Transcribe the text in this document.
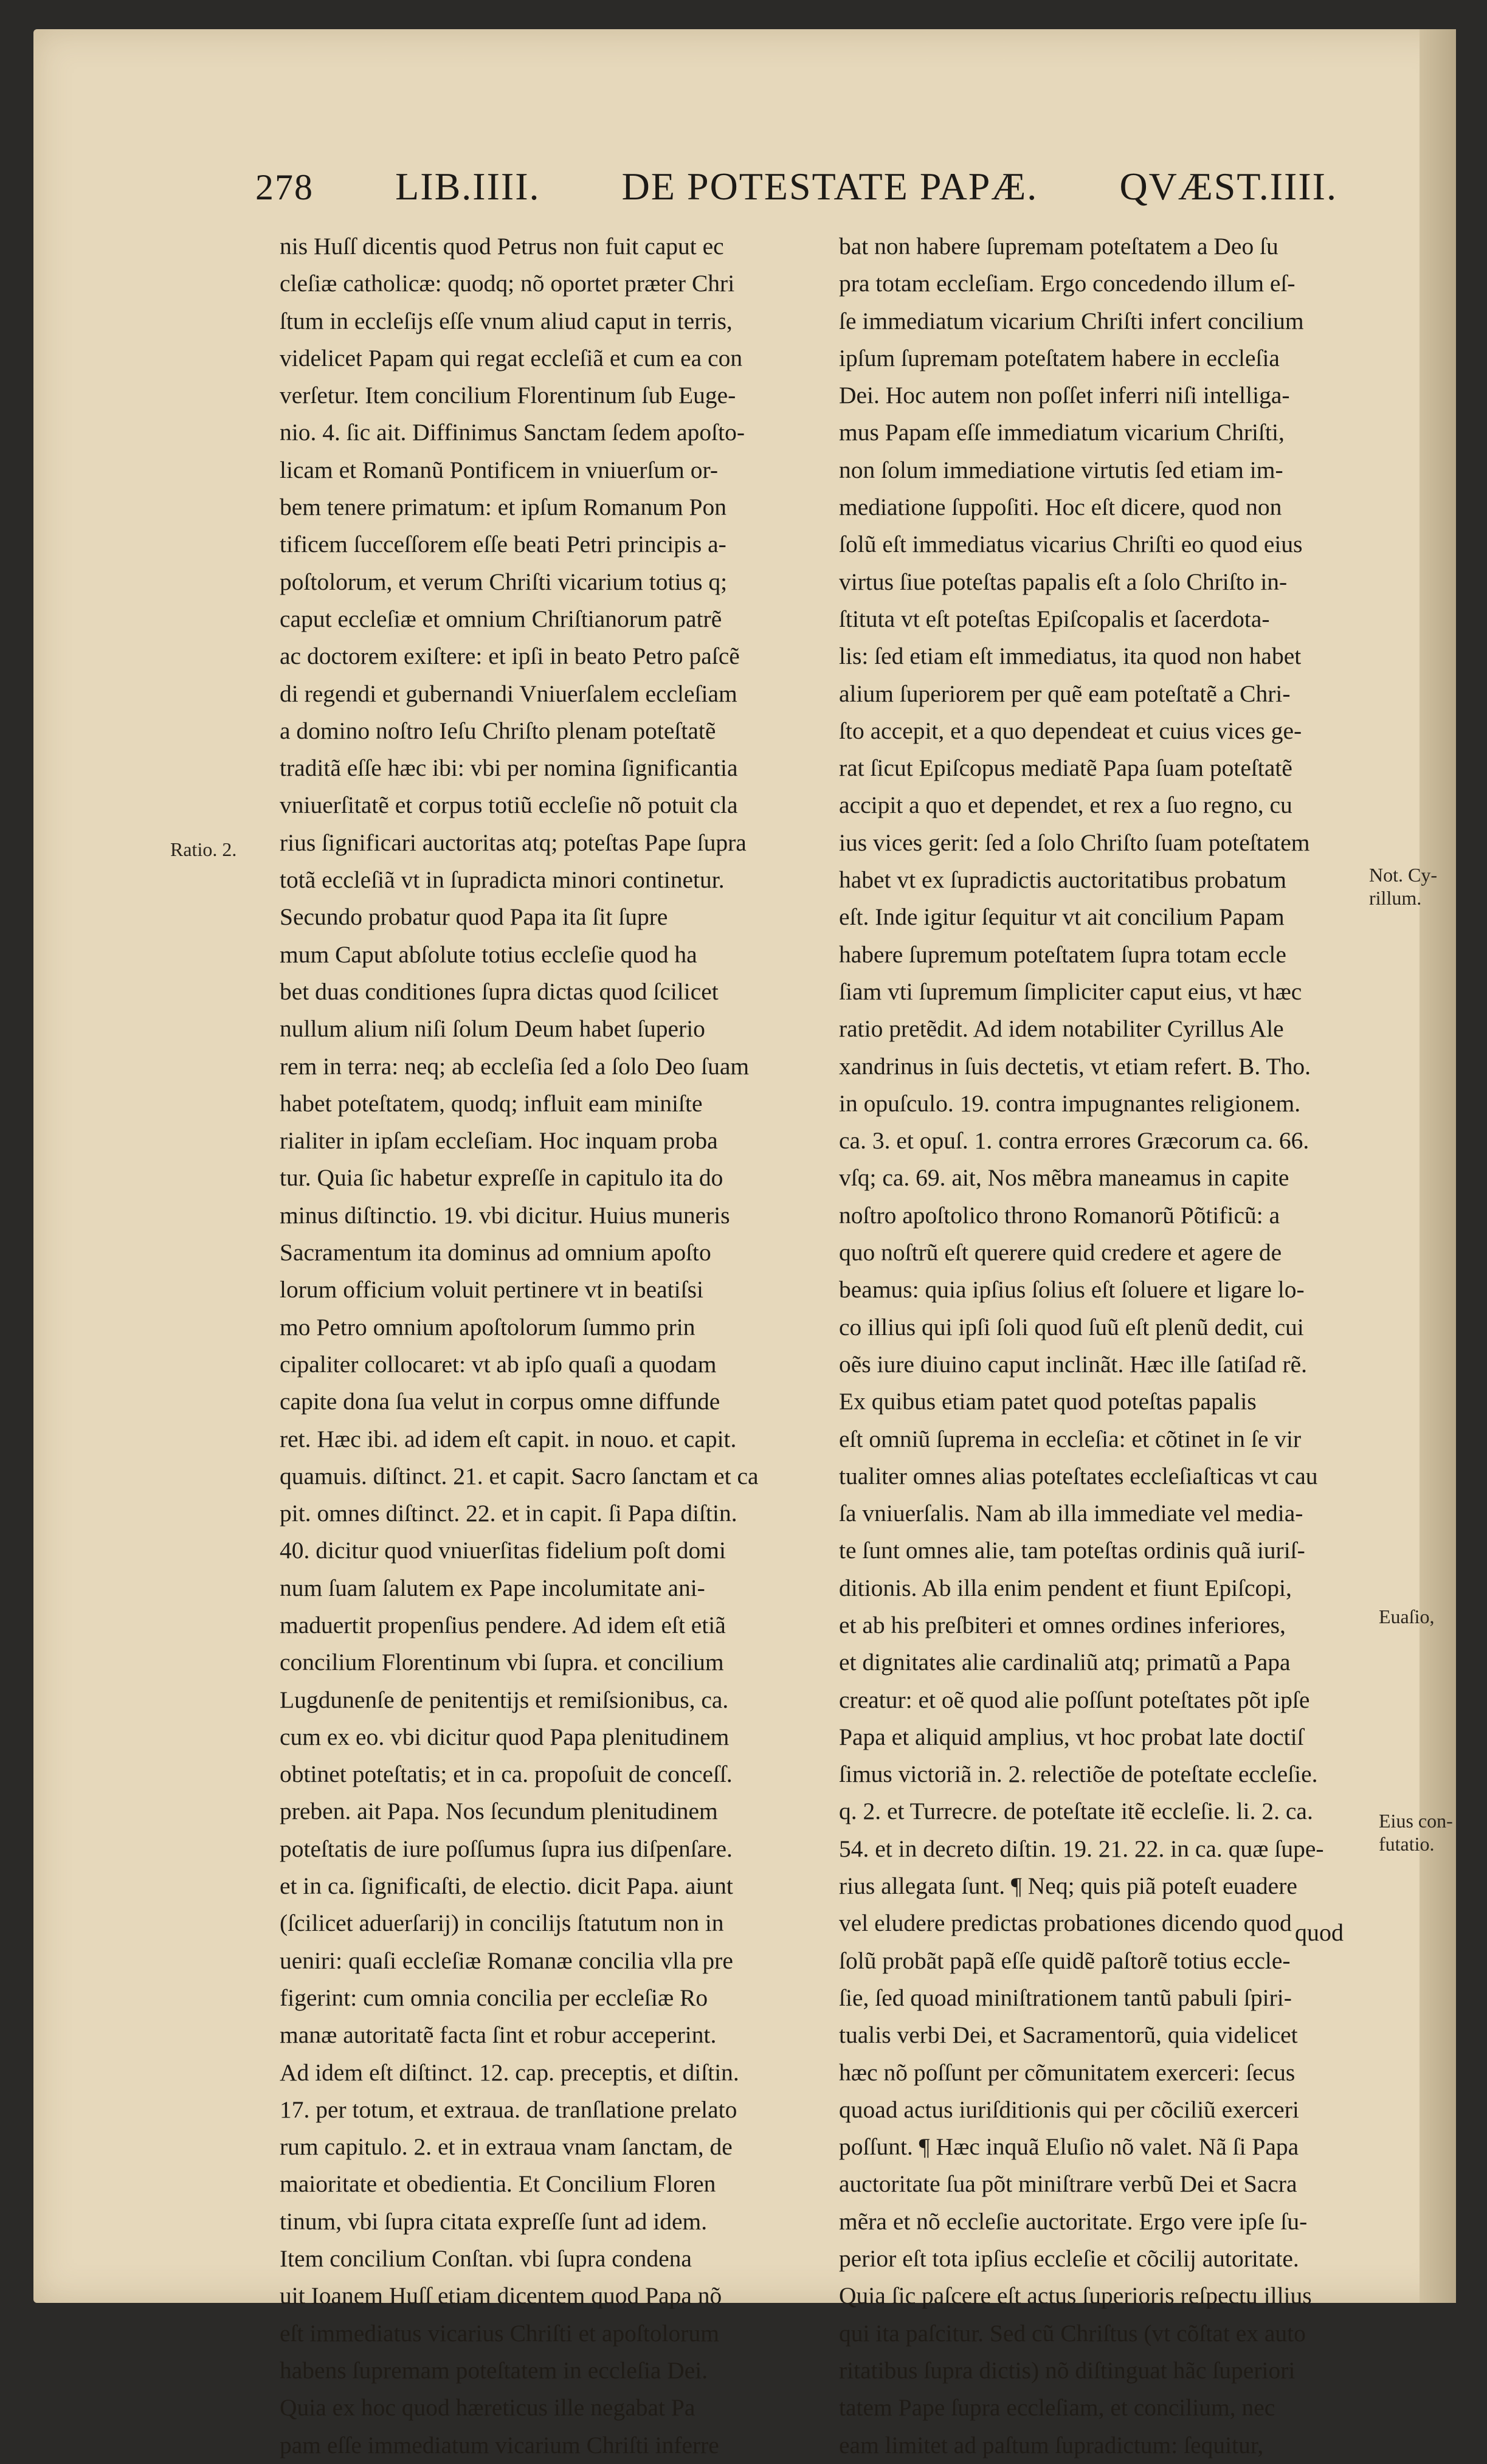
278 LIB.IIII. DE POTESTATE PAPÆ. QVÆST.IIII.
nis Huſſ dicentis quod Petrus non fuit caput ec
cleſiæ catholicæ: quodq; nõ oportet præter Chri
ſtum in eccleſijs eſſe vnum aliud caput in terris,
videlicet Papam qui regat eccleſiã et cum ea con
verſetur. Item concilium Florentinum ſub Euge-
nio. 4. ſic ait. Diffinimus Sanctam ſedem apoſto-
licam et Romanũ Pontificem in vniuerſum or-
bem tenere primatum: et ipſum Romanum Pon
tificem ſucceſſorem eſſe beati Petri principis a-
poſtolorum, et verum Chriſti vicarium totius q;
caput eccleſiæ et omnium Chriſtianorum patrẽ
ac doctorem exiſtere: et ipſi in beato Petro paſcẽ
di regendi et gubernandi Vniuerſalem eccleſiam
a domino noſtro Ieſu Chriſto plenam poteſtatẽ
traditã eſſe hæc ibi: vbi per nomina ſignificantia
vniuerſitatẽ et corpus totiũ eccleſie nõ potuit cla
rius ſignificari auctoritas atq; poteſtas Pape ſupra
totã eccleſiã vt in ſupradicta minori continetur.
Secundo probatur quod Papa ita ſit ſupre
mum Caput abſolute totius eccleſie quod ha
bet duas conditiones ſupra dictas quod ſcilicet
nullum alium niſi ſolum Deum habet ſuperio
rem in terra: neq; ab eccleſia ſed a ſolo Deo ſuam
habet poteſtatem, quodq; influit eam miniſte
rialiter in ipſam eccleſiam. Hoc inquam proba
tur. Quia ſic habetur expreſſe in capitulo ita do
minus diſtinctio. 19. vbi dicitur. Huius muneris
Sacramentum ita dominus ad omnium apoſto
lorum officium voluit pertinere vt in beatiſsi
mo Petro omnium apoſtolorum ſummo prin
cipaliter collocaret: vt ab ipſo quaſi a quodam
capite dona ſua velut in corpus omne diffunde
ret. Hæc ibi. ad idem eſt capit. in nouo. et capit.
quamuis. diſtinct. 21. et capit. Sacro ſanctam et ca
pit. omnes diſtinct. 22. et in capit. ſi Papa diſtin.
40. dicitur quod vniuerſitas fidelium poſt domi
num ſuam ſalutem ex Pape incolumitate ani-
maduertit propenſius pendere. Ad idem eſt etiã
concilium Florentinum vbi ſupra. et concilium
Lugdunenſe de penitentijs et remiſsionibus, ca.
cum ex eo. vbi dicitur quod Papa plenitudinem
obtinet poteſtatis; et in ca. propoſuit de conceſſ.
preben. ait Papa. Nos ſecundum plenitudinem
poteſtatis de iure poſſumus ſupra ius diſpenſare.
et in ca. ſignificaſti, de electio. dicit Papa. aiunt
(ſcilicet aduerſarij) in concilijs ſtatutum non in
ueniri: quaſi eccleſiæ Romanæ concilia vlla pre
figerint: cum omnia concilia per eccleſiæ Ro
manæ autoritatẽ facta ſint et robur acceperint.
Ad idem eſt diſtinct. 12. cap. preceptis, et diſtin.
17. per totum, et extraua. de tranſlatione prelato
rum capitulo. 2. et in extraua vnam ſanctam, de
maioritate et obedientia. Et Concilium Floren
tinum, vbi ſupra citata expreſſe ſunt ad idem.
Item concilium Conſtan. vbi ſupra condena
uit Ioanem Huſſ etiam dicentem quod Papa nõ
eſt immediatus vicarius Chriſti et apoſtolorum
habens ſupremam poteſtatem in eccleſia Dei.
Quia ex hoc quod hæreticus ille negabat Pa
pam eſſe immediatum vicarium Chriſti inferre
bat non habere ſupremam poteſtatem a Deo ſu
pra totam eccleſiam. Ergo concedendo illum eſ-
ſe immediatum vicarium Chriſti infert concilium
ipſum ſupremam poteſtatem habere in eccleſia
Dei. Hoc autem non poſſet inferri niſi intelliga-
mus Papam eſſe immediatum vicarium Chriſti,
non ſolum immediatione virtutis ſed etiam im-
mediatione ſuppoſiti. Hoc eſt dicere, quod non
ſolũ eſt immediatus vicarius Chriſti eo quod eius
virtus ſiue poteſtas papalis eſt a ſolo Chriſto in-
ſtituta vt eſt poteſtas Epiſcopalis et ſacerdota-
lis: ſed etiam eſt immediatus, ita quod non habet
alium ſuperiorem per quẽ eam poteſtatẽ a Chri-
ſto accepit, et a quo dependeat et cuius vices ge-
rat ſicut Epiſcopus mediatẽ Papa ſuam poteſtatẽ
accipit a quo et dependet, et rex a ſuo regno, cu
ius vices gerit: ſed a ſolo Chriſto ſuam poteſtatem
habet vt ex ſupradictis auctoritatibus probatum
eſt. Inde igitur ſequitur vt ait concilium Papam
habere ſupremum poteſtatem ſupra totam eccle
ſiam vti ſupremum ſimpliciter caput eius, vt hæc
ratio pretẽdit. Ad idem notabiliter Cyrillus Ale
xandrinus in ſuis dectetis, vt etiam refert. B. Tho.
in opuſculo. 19. contra impugnantes religionem.
ca. 3. et opuſ. 1. contra errores Græcorum ca. 66.
vſq; ca. 69. ait, Nos mẽbra maneamus in capite
noſtro apoſtolico throno Romanorũ Põtificũ: a
quo noſtrũ eſt querere quid credere et agere de
beamus: quia ipſius ſolius eſt ſoluere et ligare lo-
co illius qui ipſi ſoli quod ſuũ eſt plenũ dedit, cui
oẽs iure diuino caput inclinãt. Hæc ille ſatiſad rẽ.
Ex quibus etiam patet quod poteſtas papalis
eſt omniũ ſuprema in eccleſia: et cõtinet in ſe vir
tualiter omnes alias poteſtates eccleſiaſticas vt cau
ſa vniuerſalis. Nam ab illa immediate vel media-
te ſunt omnes alie, tam poteſtas ordinis quã iuriſ-
ditionis. Ab illa enim pendent et fiunt Epiſcopi,
et ab his preſbiteri et omnes ordines inferiores,
et dignitates alie cardinaliũ atq; primatũ a Papa
creatur: et oẽ quod alie poſſunt poteſtates põt ipſe
Papa et aliquid amplius, vt hoc probat late doctiſ
ſimus victoriã in. 2. relectiõe de poteſtate eccleſie.
q. 2. et Turrecre. de poteſtate itẽ eccleſie. li. 2. ca.
54. et in decreto diſtin. 19. 21. 22. in ca. quæ ſupe-
rius allegata ſunt. ¶ Neq; quis piã poteſt euadere
vel eludere predictas probationes dicendo quod
ſolũ probãt papã eſſe quidẽ paſtorẽ totius eccle-
ſie, ſed quoad miniſtrationem tantũ pabuli ſpiri-
tualis verbi Dei, et Sacramentorũ, quia videlicet
hæc nõ poſſunt per cõmunitatem exerceri: ſecus
quoad actus iuriſditionis qui per cõciliũ exerceri
poſſunt. ¶ Hæc inquã Eluſio nõ valet. Nã ſi Papa
auctoritate ſua põt miniſtrare verbũ Dei et Sacra
mẽra et nõ eccleſie auctoritate. Ergo vere ipſe ſu-
perior eſt tota ipſius eccleſie et cõcilij autoritate.
Quia ſic paſcere eſt actus ſuperioris reſpectu illius
qui ita paſcitur. Sed cũ Chriſtus (vt cõſtat ex auto
ritatibus ſupra dictis) nõ diſtinguat hãc ſuperiori
tatem Pape ſupra eccleſiam, et concilium, nec
eam limitet ad paſtum ſupradictum: ſequitur,
Ratio. 2.
Not. Cy-
rillum.
Euaſio,
Eius con-
futatio.
quod
